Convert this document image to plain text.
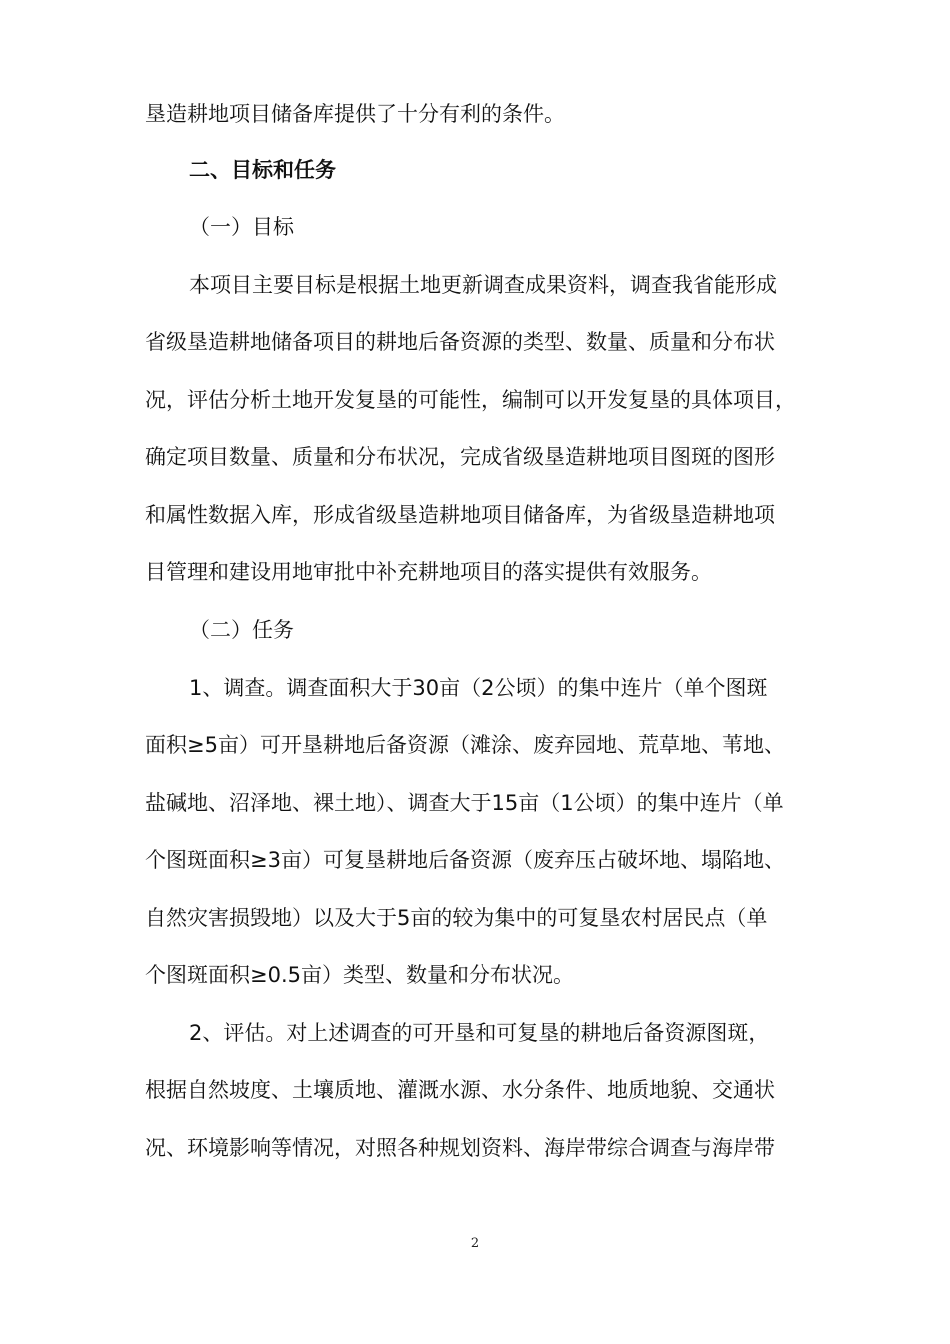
垦造耕地项目储备库提供了十分有利的条件。
二、目标和任务
（一）目标
本项目主要目标是根据土地更新调查成果资料，调查我省能形成
省级垦造耕地储备项目的耕地后备资源的类型、数量、质量和分布状
况，评估分析土地开发复垦的可能性，编制可以开发复垦的具体项目，
确定项目数量、质量和分布状况，完成省级垦造耕地项目图斑的图形
和属性数据入库，形成省级垦造耕地项目储备库，为省级垦造耕地项
目管理和建设用地审批中补充耕地项目的落实提供有效服务。
（二）任务
1、调查。调查面积大于30亩（2公顷）的集中连片（单个图斑
面积≥5亩）可开垦耕地后备资源（滩涂、废弃园地、荒草地、苇地、
盐碱地、沼泽地、裸土地）、调查大于15亩（1公顷）的集中连片（单
个图斑面积≥3亩）可复垦耕地后备资源（废弃压占破坏地、塌陷地、
自然灾害损毁地）以及大于5亩的较为集中的可复垦农村居民点（单
个图斑面积≥0.5亩）类型、数量和分布状况。
2、评估。对上述调查的可开垦和可复垦的耕地后备资源图斑，
根据自然坡度、土壤质地、灌溉水源、水分条件、地质地貌、交通状
况、环境影响等情况，对照各种规划资料、海岸带综合调查与海岸带
2
